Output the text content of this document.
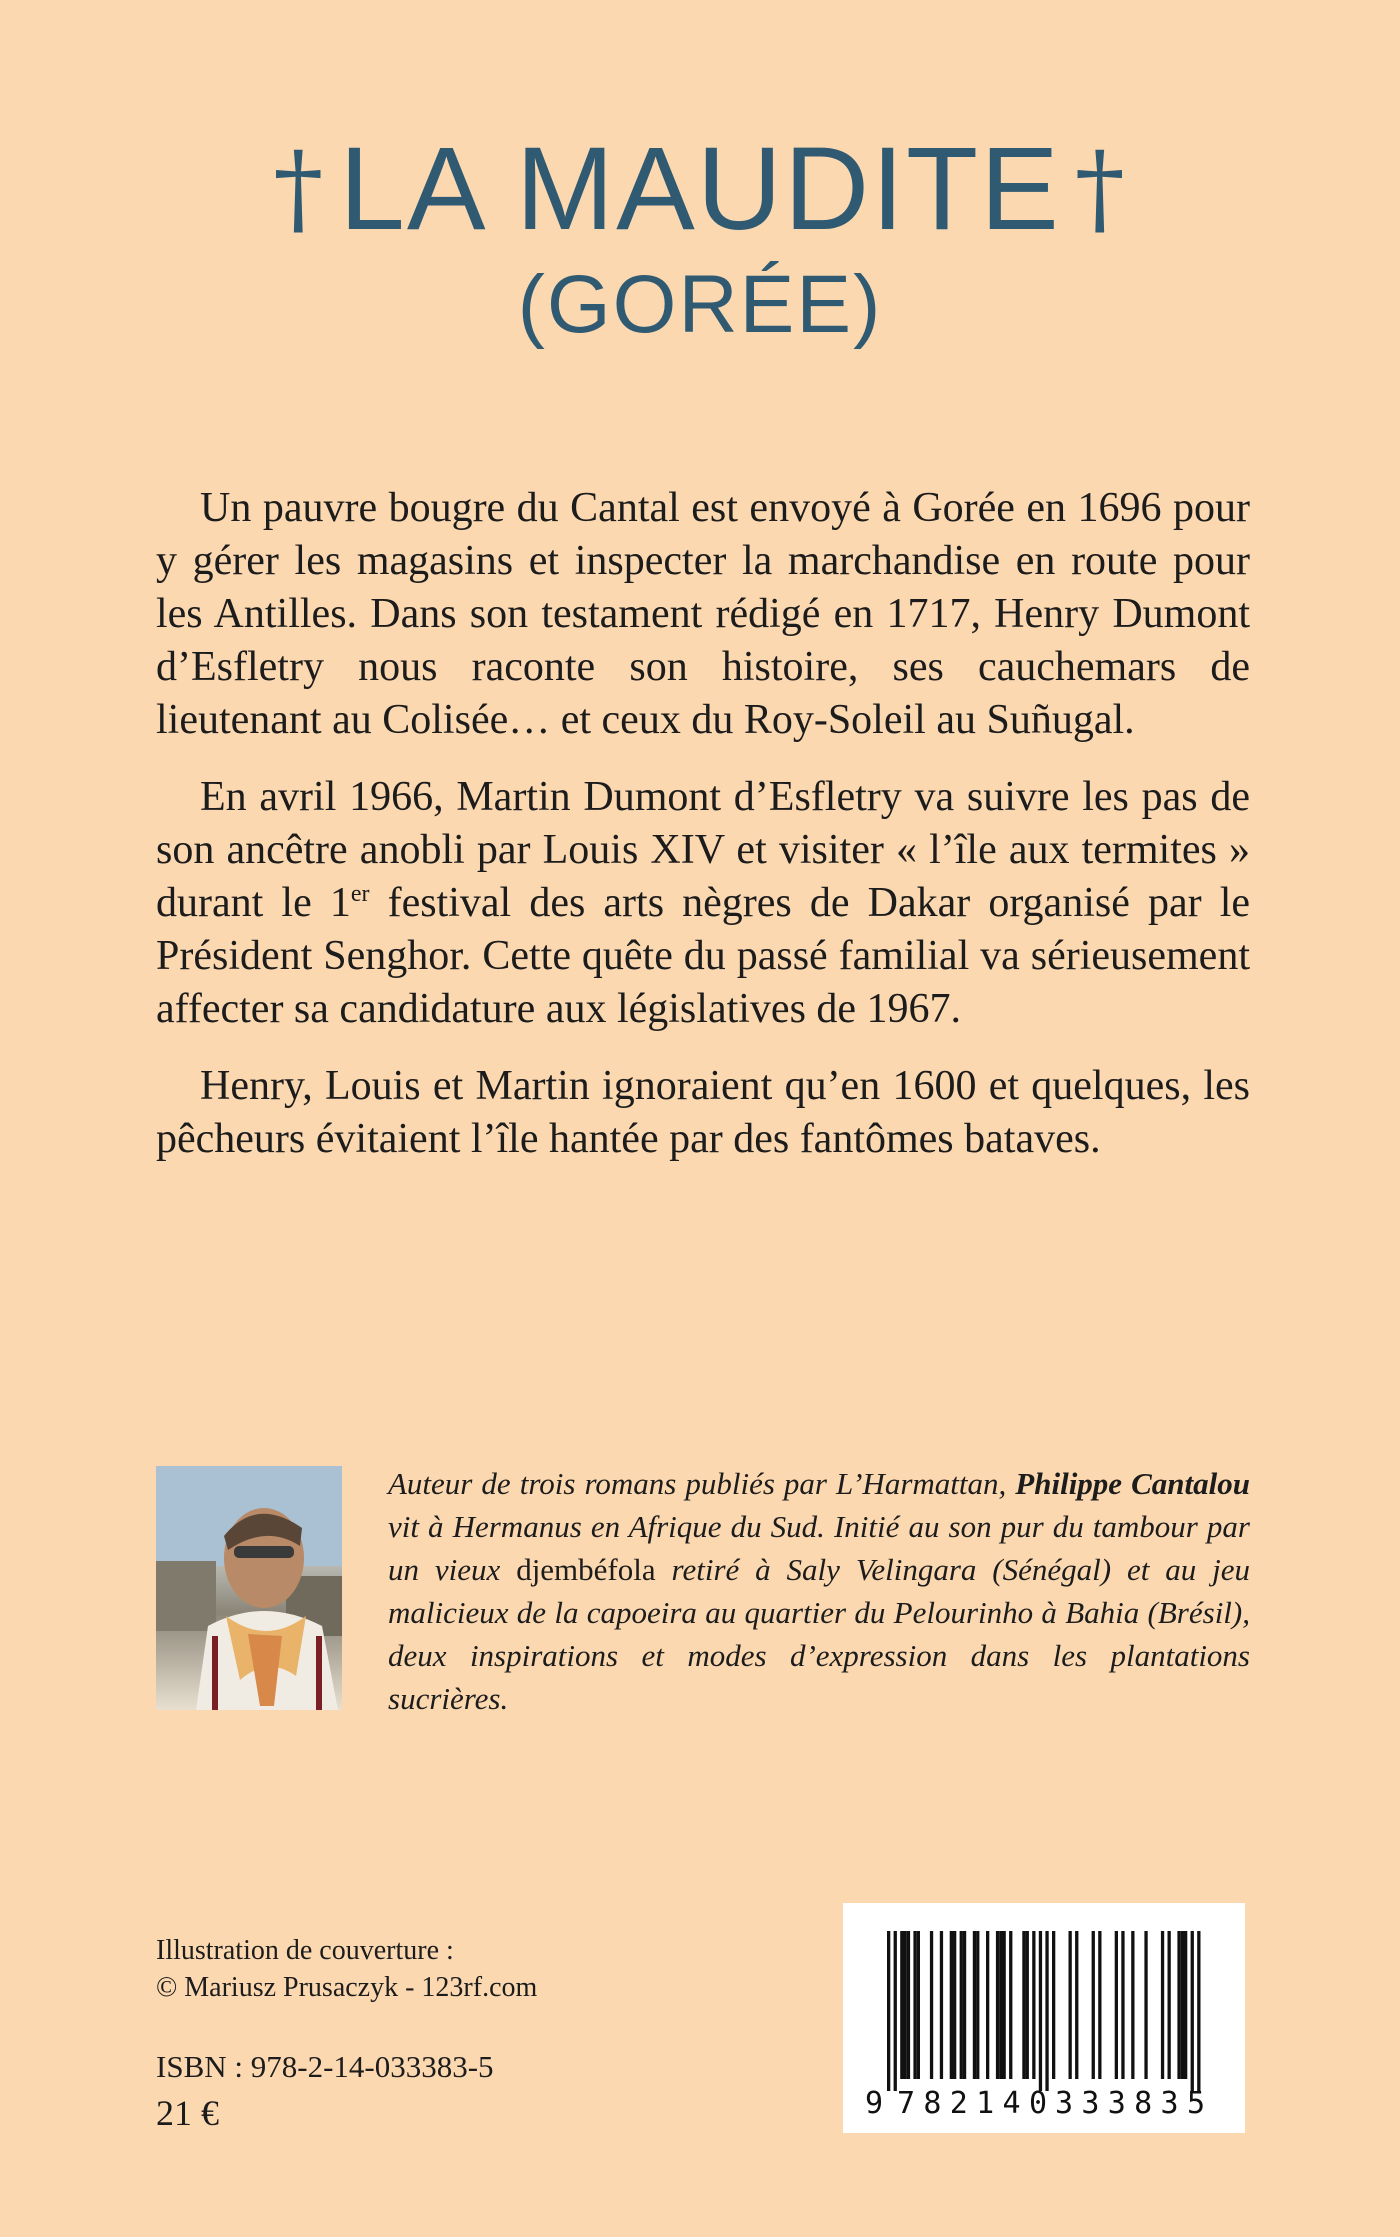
† LA MAUDITE †
(GORÉE)

Un pauvre bougre du Cantal est envoyé à Gorée en 1696 pour y gérer les magasins et inspecter la marchandise en route pour les Antilles. Dans son testament rédigé en 1717, Henry Dumont d’Esfletry nous raconte son histoire, ses cauchemars de lieutenant au Colisée… et ceux du Roy-Soleil au Suñugal.

En avril 1966, Martin Dumont d’Esfletry va suivre les pas de son ancêtre anobli par Louis XIV et visiter « l’île aux termites » durant le 1er festival des arts nègres de Dakar organisé par le Président Senghor. Cette quête du passé familial va sérieusement affecter sa candidature aux législatives de 1967.

Henry, Louis et Martin ignoraient qu’en 1600 et quelques, les pêcheurs évitaient l’île hantée par des fantômes bataves.

Auteur de trois romans publiés par L’Harmattan, Philippe Cantalou vit à Hermanus en Afrique du Sud. Initié au son pur du tambour par un vieux djembéfola retiré à Saly Velingara (Sénégal) et au jeu malicieux de la capoeira au quartier du Pelourinho à Bahia (Brésil), deux inspirations et modes d’expression dans les plantations sucrières.
Illustration de couverture :
© Mariusz Prusaczyk - 123rf.com
ISBN : 978-2-14-033383-5
21 €	9 782140 333835
